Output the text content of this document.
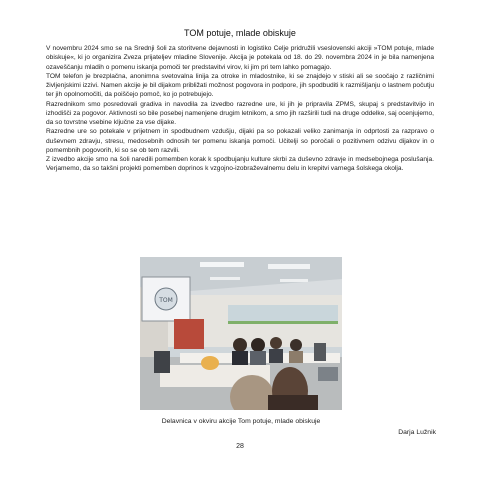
TOM potuje, mlade obiskuje

V novembru 2024 smo se na Srednji šoli za storitvene dejavnosti in logistiko Celje pridružili vseslovenski akciji »TOM potuje, mlade obiskuje«, ki jo organizira Zveza prijateljev mladine Slovenije. Akcija je potekala od 18. do 29. novembra 2024 in je bila namenjena ozaveščanju mladih o pomenu iskanja pomoči ter predstavitvi virov, ki jim pri tem lahko pomagajo.

TOM telefon je brezplačna, anonimna svetovalna linija za otroke in mladostnike, ki se znajdejo v stiski ali se soočajo z različnimi življenjskimi izzivi. Namen akcije je bil dijakom približati možnost pogovora in podpore, jih spodbuditi k razmišljanju o lastnem počutju ter jih opolnomočiti, da poiščejo pomoč, ko jo potrebujejo.

Razrednikom smo posredovali gradiva in navodila za izvedbo razredne ure, ki jih je pripravila ZPMS, skupaj s predstavitvijo in izhodišči za pogovor. Aktivnosti so bile posebej namenjene drugim letnikom, a smo jih razširili tudi na druge oddelke, saj ocenjujemo, da so tovrstne vsebine ključne za vse dijake.

Razredne ure so potekale v prijetnem in spodbudnem vzdušju, dijaki pa so pokazali veliko zanimanja in odprtosti za razpravo o duševnem zdravju, stresu, medosebnih odnosih ter pomenu iskanja pomoči. Učitelji so poročali o pozitivnem odzivu dijakov in o pomembnih pogovorih, ki so se ob tem razvili.

Z izvedbo akcije smo na šoli naredili pomemben korak k spodbujanju kulture skrbi za duševno zdravje in medsebojnega poslušanja. Verjamemo, da so takšni projekti pomemben doprinos k vzgojno-izobraževalnemu delu in krepitvi varnega šolskega okolja.

TOM
Delavnica v okviru akcije Tom potuje, mlade obiskuje
Darja Lužnik
28
